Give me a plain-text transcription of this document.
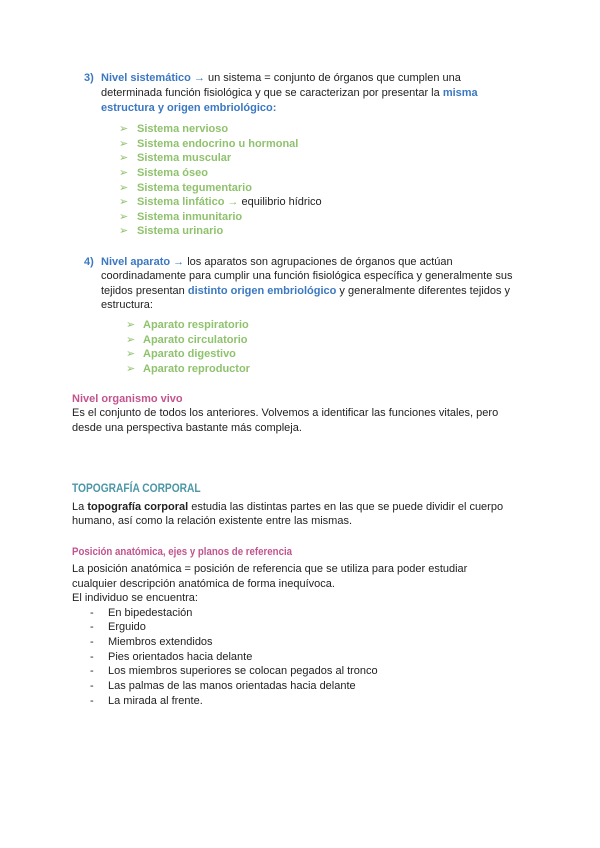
3) Nivel sistemático → un sistema = conjunto de órganos que cumplen una
determinada función fisiológica y que se caracterizan por presentar la misma
estructura y origen embriológico:
➢ Sistema nervioso
➢ Sistema endocrino u hormonal
➢ Sistema muscular
➢ Sistema óseo
➢ Sistema tegumentario
➢ Sistema linfático → equilibrio hídrico
➢ Sistema inmunitario
➢ Sistema urinario
4) Nivel aparato → los aparatos son agrupaciones de órganos que actúan
coordinadamente para cumplir una función fisiológica específica y generalmente sus
tejidos presentan distinto origen embriológico y generalmente diferentes tejidos y
estructura:
➢ Aparato respiratorio
➢ Aparato circulatorio
➢ Aparato digestivo
➢ Aparato reproductor
Nivel organismo vivo
Es el conjunto de todos los anteriores. Volvemos a identificar las funciones vitales, pero
desde una perspectiva bastante más compleja.
TOPOGRAFÍA CORPORAL
La topografía corporal estudia las distintas partes en las que se puede dividir el cuerpo
humano, así como la relación existente entre las mismas.
Posición anatómica, ejes y planos de referencia
La posición anatómica = posición de referencia que se utiliza para poder estudiar
cualquier descripción anatómica de forma inequívoca.
El individuo se encuentra:
- En bipedestación
- Erguido
- Miembros extendidos
- Pies orientados hacia delante
- Los miembros superiores se colocan pegados al tronco
- Las palmas de las manos orientadas hacia delante
- La mirada al frente.
